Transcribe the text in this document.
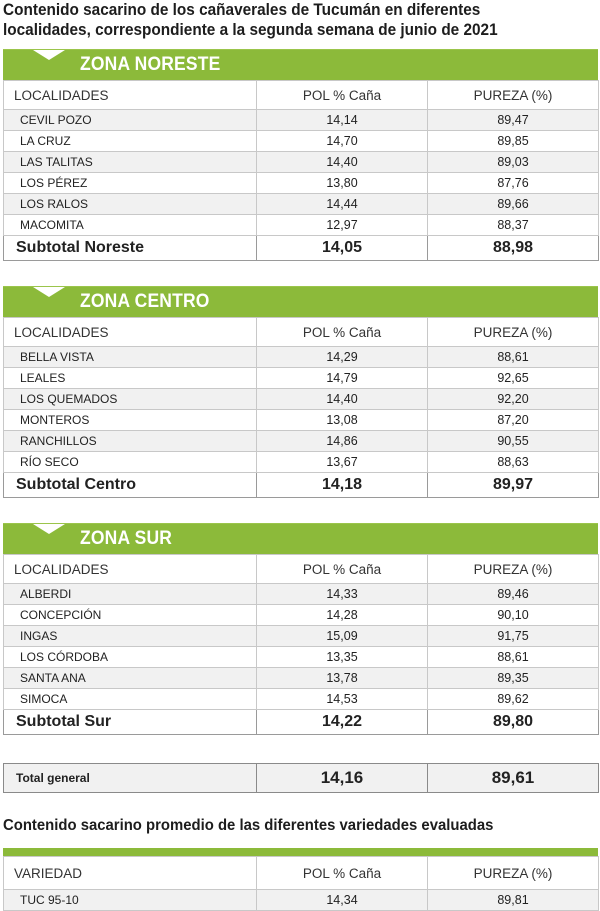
Contenido sacarino de los cañaverales de Tucumán en diferentes localidades, correspondiente a la segunda semana de junio de 2021
ZONA NORESTE
LOCALIDADES	POL % Caña	PUREZA (%)
CEVIL POZO	14,14	89,47
LA CRUZ	14,70	89,85
LAS TALITAS	14,40	89,03
LOS PÉREZ	13,80	87,76
LOS RALOS	14,44	89,66
MACOMITA	12,97	88,37
Subtotal Noreste	14,05	88,98
ZONA CENTRO
LOCALIDADES	POL % Caña	PUREZA (%)
BELLA VISTA	14,29	88,61
LEALES	14,79	92,65
LOS QUEMADOS	14,40	92,20
MONTEROS	13,08	87,20
RANCHILLOS	14,86	90,55
RÍO SECO	13,67	88,63
Subtotal Centro	14,18	89,97
ZONA SUR
LOCALIDADES	POL % Caña	PUREZA (%)
ALBERDI	14,33	89,46
CONCEPCIÓN	14,28	90,10
INGAS	15,09	91,75
LOS CÓRDOBA	13,35	88,61
SANTA ANA	13,78	89,35
SIMOCA	14,53	89,62
Subtotal Sur	14,22	89,80
Total general	14,16	89,61
Contenido sacarino promedio de las diferentes variedades evaluadas
VARIEDAD	POL % Caña	PUREZA (%)
TUC 95-10	14,34	89,81
